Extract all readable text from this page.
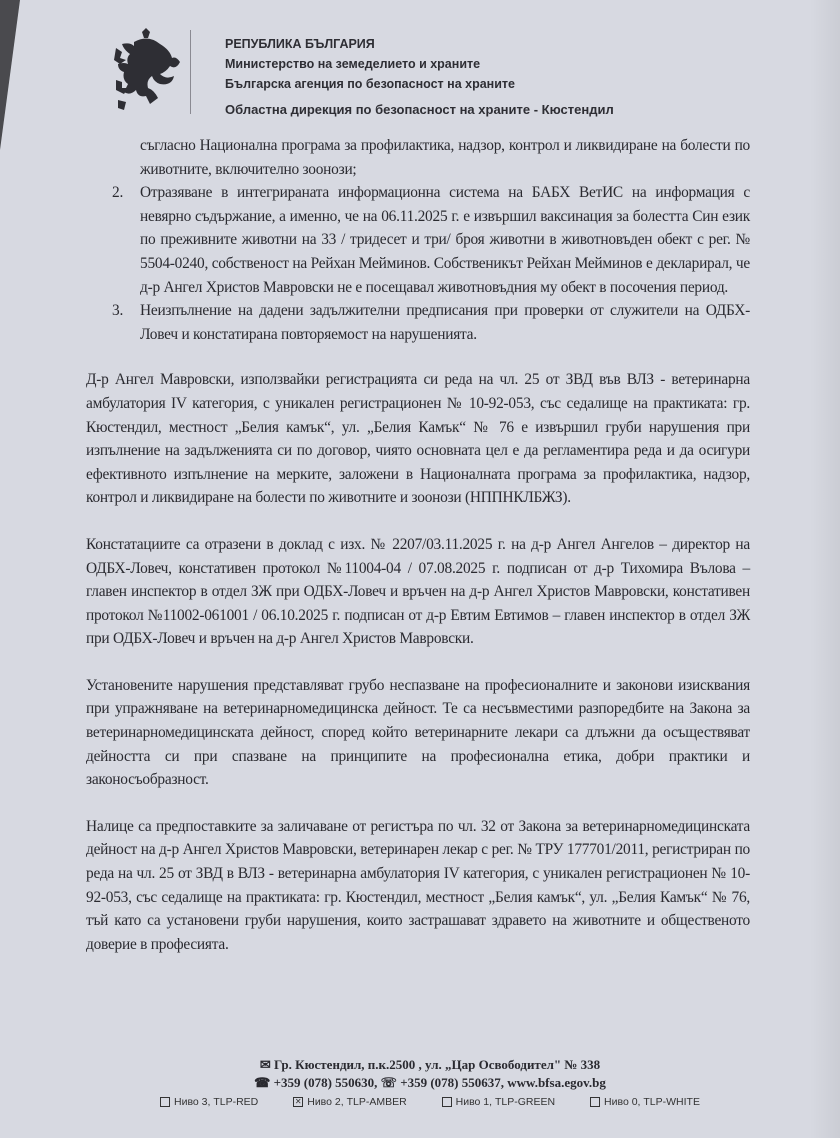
РЕПУБЛИКА БЪЛГАРИЯ
Министерство на земеделието и храните
Българска агенция по безопасност на храните
Областна дирекция по безопасност на храните - Кюстендил
съгласно Национална програма за профилактика, надзор, контрол и ликвидиране на болести по животните, включително зоонози;
2. Отразяване в интегрираната информационна система на БАБХ ВетИС на информация с невярно съдържание, а именно, че на 06.11.2025 г. е извършил ваксинация за болестта Син език по преживните животни на 33 / тридесет и три/ броя животни в животновъден обект с рег. № 5504-0240, собственост на Рейхан Мейминов. Собственикът Рейхан Мейминов е декларирал, че д-р Ангел Христов Мавровски не е посещавал животновъдния му обект в посочения период.
3. Неизпълнение на дадени задължителни предписания при проверки от служители на ОДБХ-Ловеч и констатирана повторяемост на нарушенията.

Д-р Ангел Мавровски, използвайки регистрацията си реда на чл. 25 от ЗВД във ВЛЗ - ветеринарна амбулатория IV категория, с уникален регистрационен № 10-92-053, със седалище на практиката: гр. Кюстендил, местност „Белия камък“, ул. „Белия Камък“ № 76 е извършил груби нарушения при изпълнение на задълженията си по договор, чиято основната цел е да регламентира реда и да осигури ефективното изпълнение на мерките, заложени в Националната програма за профилактика, надзор, контрол и ликвидиране на болести по животните и зоонози (НППНКЛБЖЗ).

Констатациите са отразени в доклад с изх. № 2207/03.11.2025 г. на д-р Ангел Ангелов – директор на ОДБХ-Ловеч, констативен протокол №11004-04 / 07.08.2025 г. подписан от д-р Тихомира Вълова – главен инспектор в отдел ЗЖ при ОДБХ-Ловеч и връчен на д-р Ангел Христов Мавровски, констативен протокол №11002-061001 / 06.10.2025 г. подписан от д-р Евтим Евтимов – главен инспектор в отдел ЗЖ при ОДБХ-Ловеч и връчен на д-р Ангел Христов Мавровски.

Установените нарушения представляват грубо неспазване на професионалните и законови изисквания при упражняване на ветеринарномедицинска дейност. Те са несъвместими разпоредбите на Закона за ветеринарномедицинската дейност, според който ветеринарните лекари са длъжни да осъществяват дейността си при спазване на принципите на професионална етика, добри практики и законосъобразност.

Налице са предпоставките за заличаване от регистъра по чл. 32 от Закона за ветеринарномедицинската дейност на д-р Ангел Христов Мавровски, ветеринарен лекар с рег. № ТРУ 177701/2011, регистриран по реда на чл. 25 от ЗВД в ВЛЗ - ветеринарна амбулатория IV категория, с уникален регистрационен № 10-92-053, със седалище на практиката: гр. Кюстендил, местност „Белия камък“, ул. „Белия Камък“ № 76, тъй като са установени груби нарушения, които застрашават здравето на животните и общественото доверие в професията.

✉ Гр. Кюстендил, п.к.2500 , ул. „Цар Освободител" № 338
☎ +359 (078) 550630, ☏ +359 (078) 550637, www.bfsa.egov.bg
Ниво 3, TLP-RED	✕ Ниво 2, TLP-AMBER	Ниво 1, TLP-GREEN	Ниво 0, TLP-WHITE
